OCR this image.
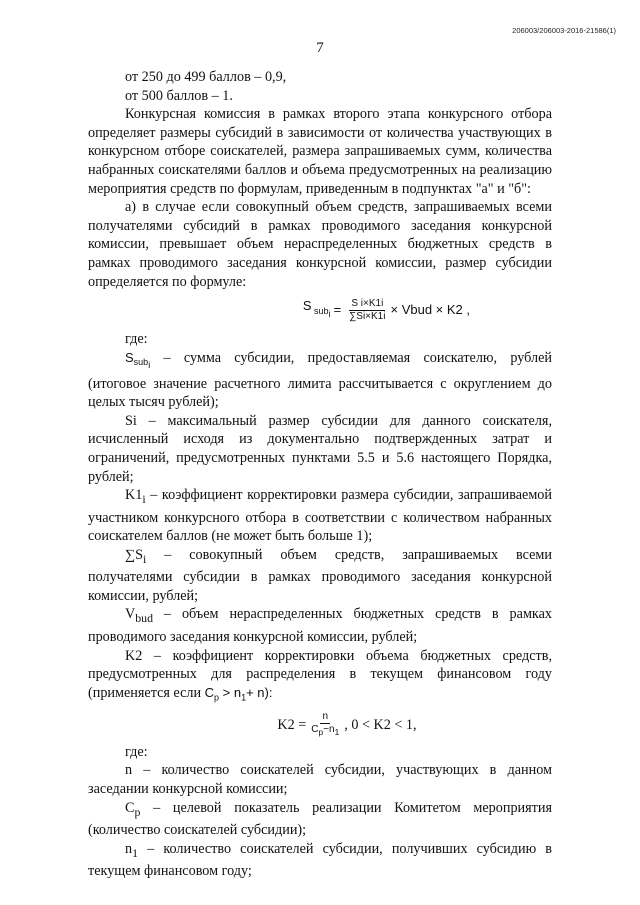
206003/206003-2016-21586(1)
7

от 250 до 499 баллов – 0,9,

от 500 баллов – 1.

Конкурсная комиссия в рамках второго этапа конкурсного отбора определяет размеры субсидий в зависимости от количества участвующих в конкурсном отборе соискателей, размера запрашиваемых сумм, количества набранных соискателями баллов и объема предусмотренных на реализацию мероприятия средств по формулам, приведенным в подпунктах "а" и "б":

а) в случае если совокупный объем средств, запрашиваемых всеми получателями субсидий в рамках проводимого заседания конкурсной комиссии, превышает объем нераспределенных бюджетных средств в рамках проводимого заседания конкурсной комиссии, размер субсидии определяется по формуле:

S $_{sub_i} = \frac{\text{S i×K1i}}{\sum Si\times K1i}$ × Vbud × K2 ,

где:

$S_{sub_i}$ – сумма субсидии, предоставляемая соискателю, рублей (итоговое значение расчетного лимита рассчитывается с округлением до целых тысяч рублей);

Si – максимальный размер субсидии для данного соискателя, исчисленный исходя из документально подтвержденных затрат и ограничений, предусмотренных пунктами 5.5 и 5.6 настоящего Порядка, рублей;

$K1_i$ – коэффициент корректировки размера субсидии, запрашиваемой участником конкурсного отбора в соответствии с количеством набранных соискателем баллов (не может быть больше 1);

$\sum S_i$ – совокупный объем средств, запрашиваемых всеми получателями субсидии в рамках проводимого заседания конкурсной комиссии, рублей;

$V_{bud}$ – объем нераспределенных бюджетных средств в рамках проводимого заседания конкурсной комиссии, рублей;

K2 – коэффициент корректировки объема бюджетных средств, предусмотренных для распределения в текущем финансовом году (применяется если $C_p > n_1+ n$):

$K2 = \frac{n}{C_p-n_1}$ , 0 < K2 < 1,

где:

n – количество соискателей субсидии, участвующих в данном заседании конкурсной комиссии;

$C_p$ – целевой показатель реализации Комитетом мероприятия (количество соискателей субсидии);

$n_1$ – количество соискателей субсидии, получивших субсидию в текущем финансовом году;
